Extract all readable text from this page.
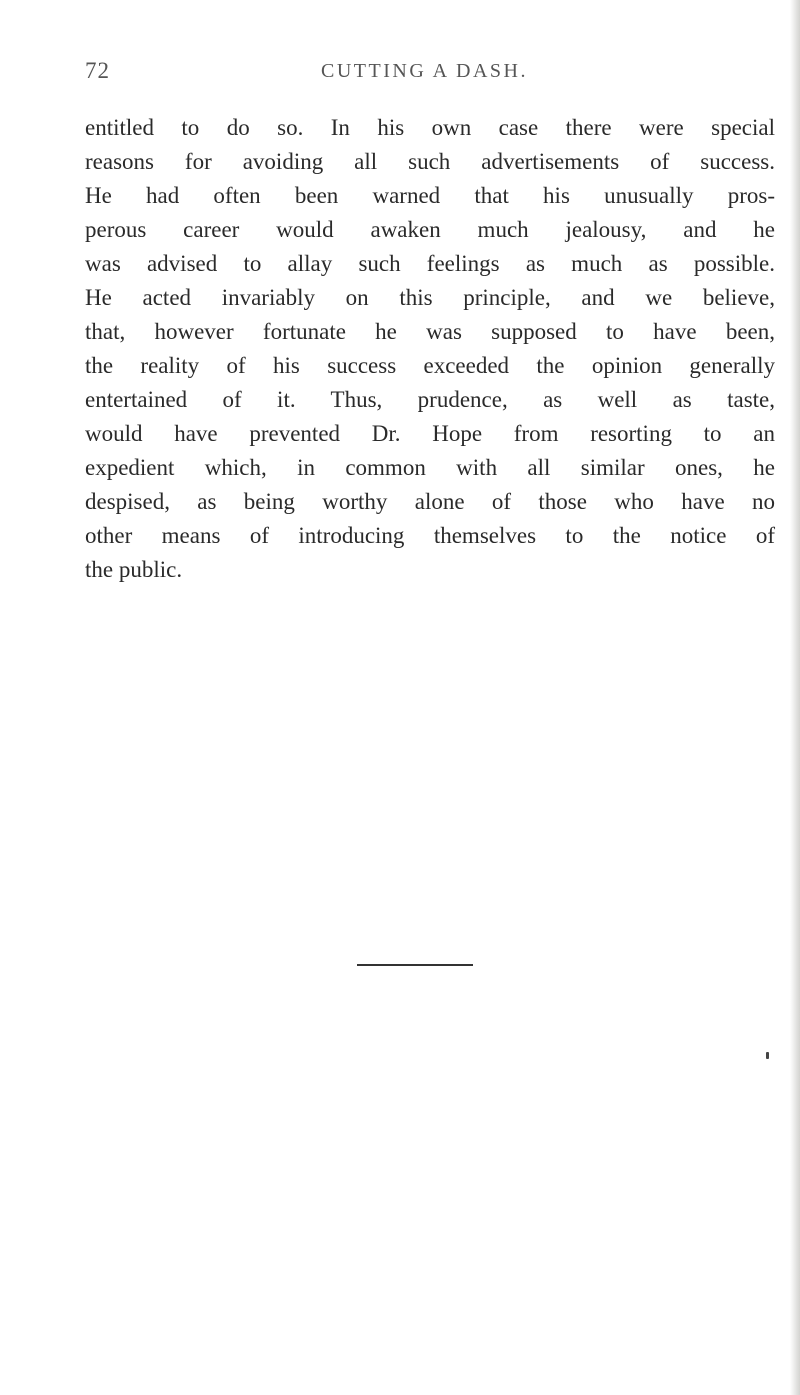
72	CUTTING A DASH.
entitled to do so. In his own case there were special
reasons for avoiding all such advertisements of success.
He had often been warned that his unusually pros-
perous career would awaken much jealousy, and he
was advised to allay such feelings as much as possible.
He acted invariably on this principle, and we believe,
that, however fortunate he was supposed to have been,
the reality of his success exceeded the opinion generally
entertained of it. Thus, prudence, as well as taste,
would have prevented Dr. Hope from resorting to an
expedient which, in common with all similar ones, he
despised, as being worthy alone of those who have no
other means of introducing themselves to the notice of
the public.
